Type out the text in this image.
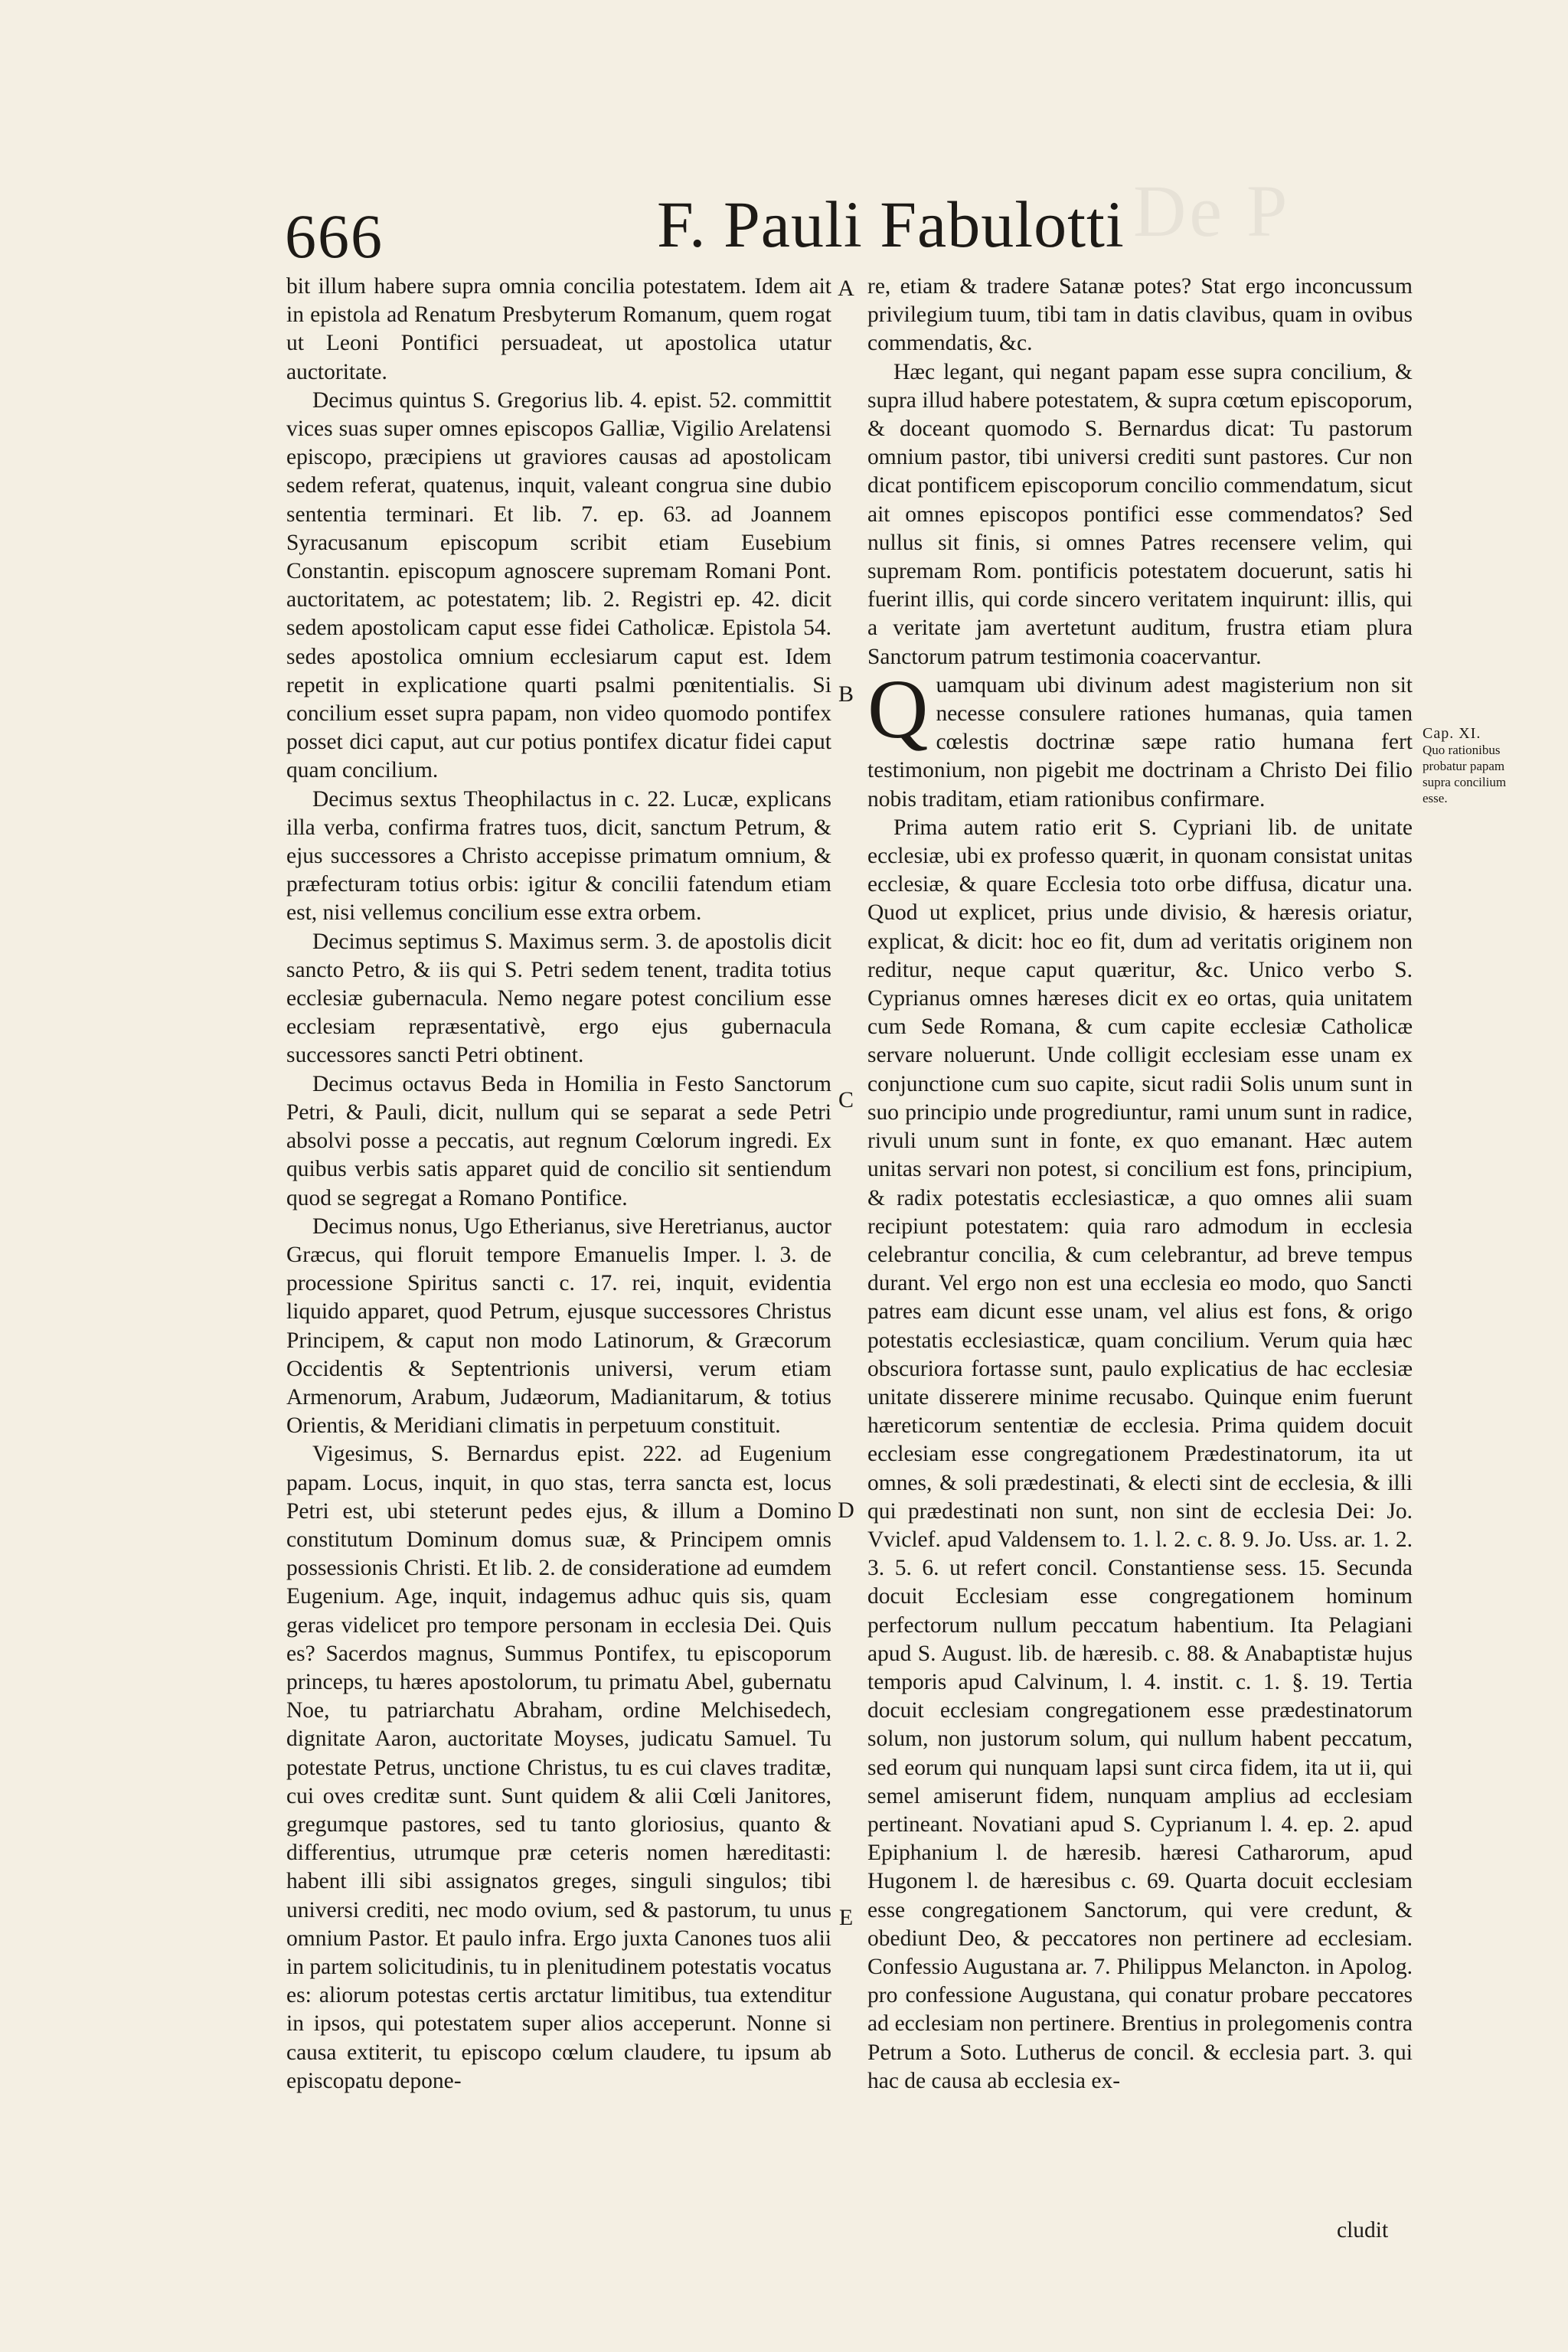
De P
666	F. Pauli Fabulotti

bit illum habere supra omnia concilia potestatem. Idem ait in epistola ad Renatum Presbyterum Romanum, quem rogat ut Leoni Pontifici persuadeat, ut apostolica utatur auctoritate.

Decimus quintus S. Gregorius lib. 4. epist. 52. committit vices suas super omnes episcopos Galliæ, Vigilio Arelatensi episcopo, præcipiens ut graviores causas ad apostolicam sedem referat, quatenus, inquit, valeant congrua sine dubio sententia terminari. Et lib. 7. ep. 63. ad Joannem Syracusanum episcopum scribit etiam Eusebium Constantin. episcopum agnoscere supremam Romani Pont. auctoritatem, ac potestatem; lib. 2. Registri ep. 42. dicit sedem apostolicam caput esse fidei Catholicæ. Epistola 54. sedes apostolica omnium ecclesiarum caput est. Idem repetit in explicatione quarti psalmi pœnitentialis. Si concilium esset supra papam, non video quomodo pontifex posset dici caput, aut cur potius pontifex dicatur fidei caput quam concilium.

Decimus sextus Theophilactus in c. 22. Lucæ, explicans illa verba, confirma fratres tuos, dicit, sanctum Petrum, & ejus successores a Christo accepisse primatum omnium, & præfecturam totius orbis: igitur & concilii fatendum etiam est, nisi vellemus concilium esse extra orbem.

Decimus septimus S. Maximus serm. 3. de apostolis dicit sancto Petro, & iis qui S. Petri sedem tenent, tradita totius ecclesiæ gubernacula. Nemo negare potest concilium esse ecclesiam repræsentativè, ergo ejus gubernacula successores sancti Petri obtinent.

Decimus octavus Beda in Homilia in Festo Sanctorum Petri, & Pauli, dicit, nullum qui se separat a sede Petri absolvi posse a peccatis, aut regnum Cœlorum ingredi. Ex quibus verbis satis apparet quid de concilio sit sentiendum quod se segregat a Romano Pontifice.

Decimus nonus, Ugo Etherianus, sive Heretrianus, auctor Græcus, qui floruit tempore Emanuelis Imper. l. 3. de processione Spiritus sancti c. 17. rei, inquit, evidentia liquido apparet, quod Petrum, ejusque successores Christus Principem, & caput non modo Latinorum, & Græcorum Occidentis & Septentrionis universi, verum etiam Armenorum, Arabum, Judæorum, Madianitarum, & totius Orientis, & Meridiani climatis in perpetuum constituit.

Vigesimus, S. Bernardus epist. 222. ad Eugenium papam. Locus, inquit, in quo stas, terra sancta est, locus Petri est, ubi steterunt pedes ejus, & illum a Domino constitutum Dominum domus suæ, & Principem omnis possessionis Christi. Et lib. 2. de consideratione ad eumdem Eugenium. Age, inquit, indagemus adhuc quis sis, quam geras videlicet pro tempore personam in ecclesia Dei. Quis es? Sacerdos magnus, Summus Pontifex, tu episcoporum princeps, tu hæres apostolorum, tu primatu Abel, gubernatu Noe, tu patriarchatu Abraham, ordine Melchisedech, dignitate Aaron, auctoritate Moyses, judicatu Samuel. Tu potestate Petrus, unctione Christus, tu es cui claves traditæ, cui oves creditæ sunt. Sunt quidem & alii Cœli Janitores, gregumque pastores, sed tu tanto gloriosius, quanto & differentius, utrumque præ ceteris nomen hæreditasti: habent illi sibi assignatos greges, singuli singulos; tibi universi crediti, nec modo ovium, sed & pastorum, tu unus omnium Pastor. Et paulo infra. Ergo juxta Canones tuos alii in partem solicitudinis, tu in plenitudinem potestatis vocatus es: aliorum potestas certis arctatur limitibus, tua extenditur in ipsos, qui potestatem super alios acceperunt. Nonne si causa extiterit, tu episcopo cœlum claudere, tu ipsum ab episcopatu depone-

A
B
C
D
E

re, etiam & tradere Satanæ potes? Stat ergo inconcussum privilegium tuum, tibi tam in datis clavibus, quam in ovibus commendatis, &c.

Hæc legant, qui negant papam esse supra concilium, & supra illud habere potestatem, & supra cœtum episcoporum, & doceant quomodo S. Bernardus dicat: Tu pastorum omnium pastor, tibi universi crediti sunt pastores. Cur non dicat pontificem episcoporum concilio commendatum, sicut ait omnes episcopos pontifici esse commendatos? Sed nullus sit finis, si omnes Patres recensere velim, qui supremam Rom. pontificis potestatem docuerunt, satis hi fuerint illis, qui corde sincero veritatem inquirunt: illis, qui a veritate jam avertetunt auditum, frustra etiam plura Sanctorum patrum testimonia coacervantur.

Quamquam ubi divinum adest magisterium non sit necesse consulere rationes humanas, quia tamen cœlestis doctrinæ sæpe ratio humana fert testimonium, non pigebit me doctrinam a Christo Dei filio nobis traditam, etiam rationibus confirmare.

Prima autem ratio erit S. Cypriani lib. de unitate ecclesiæ, ubi ex professo quærit, in quonam consistat unitas ecclesiæ, & quare Ecclesia toto orbe diffusa, dicatur una. Quod ut explicet, prius unde divisio, & hæresis oriatur, explicat, & dicit: hoc eo fit, dum ad veritatis originem non reditur, neque caput quæritur, &c. Unico verbo S. Cyprianus omnes hæreses dicit ex eo ortas, quia unitatem cum Sede Romana, & cum capite ecclesiæ Catholicæ servare noluerunt. Unde colligit ecclesiam esse unam ex conjunctione cum suo capite, sicut radii Solis unum sunt in suo principio unde progrediuntur, rami unum sunt in radice, rivuli unum sunt in fonte, ex quo emanant. Hæc autem unitas servari non potest, si concilium est fons, principium, & radix potestatis ecclesiasticæ, a quo omnes alii suam recipiunt potestatem: quia raro admodum in ecclesia celebrantur concilia, & cum celebrantur, ad breve tempus durant. Vel ergo non est una ecclesia eo modo, quo Sancti patres eam dicunt esse unam, vel alius est fons, & origo potestatis ecclesiasticæ, quam concilium. Verum quia hæc obscuriora fortasse sunt, paulo explicatius de hac ecclesiæ unitate disserere minime recusabo. Quinque enim fuerunt hæreticorum sententiæ de ecclesia. Prima quidem docuit ecclesiam esse congregationem Prædestinatorum, ita ut omnes, & soli prædestinati, & electi sint de ecclesia, & illi qui prædestinati non sunt, non sint de ecclesia Dei: Jo. Vviclef. apud Valdensem to. 1. l. 2. c. 8. 9. Jo. Uss. ar. 1. 2. 3. 5. 6. ut refert concil. Constantiense sess. 15. Secunda docuit Ecclesiam esse congregationem hominum perfectorum nullum peccatum habentium. Ita Pelagiani apud S. August. lib. de hæresib. c. 88. & Anabaptistæ hujus temporis apud Calvinum, l. 4. instit. c. 1. §. 19. Tertia docuit ecclesiam congregationem esse prædestinatorum solum, non justorum solum, qui nullum habent peccatum, sed eorum qui nunquam lapsi sunt circa fidem, ita ut ii, qui semel amiserunt fidem, nunquam amplius ad ecclesiam pertineant. Novatiani apud S. Cyprianum l. 4. ep. 2. apud Epiphanium l. de hæresib. hæresi Catharorum, apud Hugonem l. de hæresibus c. 69. Quarta docuit ecclesiam esse congregationem Sanctorum, qui vere credunt, & obediunt Deo, & peccatores non pertinere ad ecclesiam. Confessio Augustana ar. 7. Philippus Melancton. in Apolog. pro confessione Augustana, qui conatur probare peccatores ad ecclesiam non pertinere. Brentius in prolegomenis contra Petrum a Soto. Lutherus de concil. & ecclesia part. 3. qui hac de causa ab ecclesia ex-

Cap. XI.
Quo rationibus probatur papam supra concilium esse.
cludit
